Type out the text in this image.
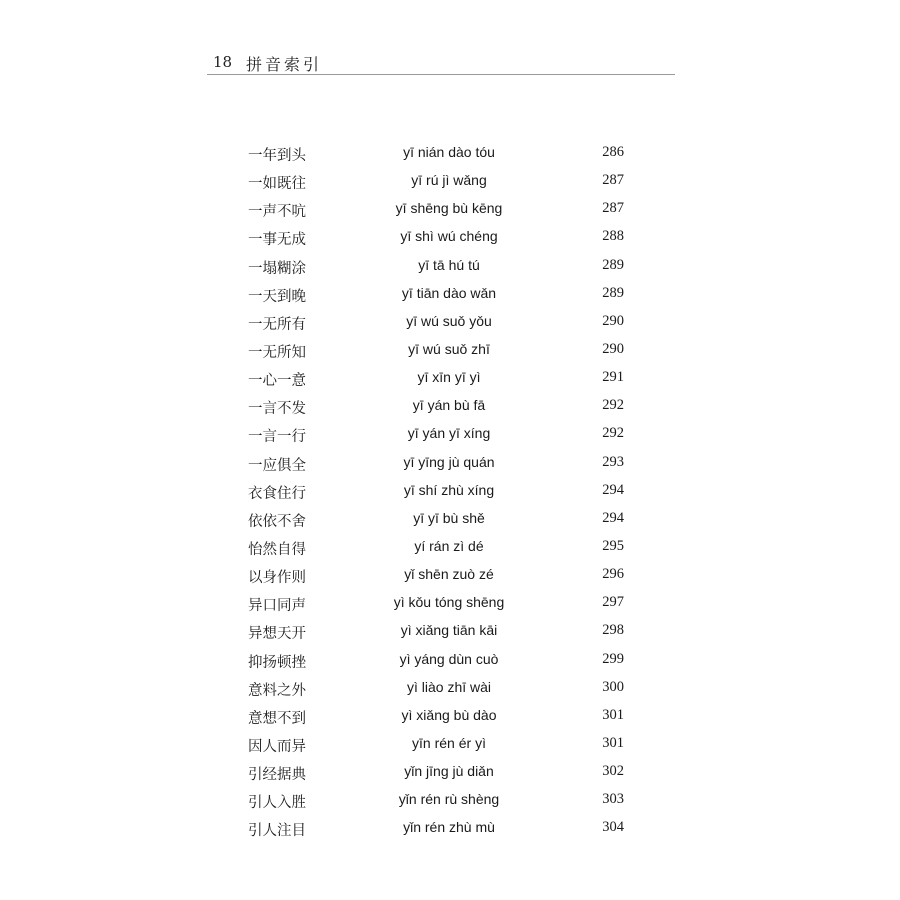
18 拼音索引
一年到头	yī nián dào tóu	286
一如既往	yī rú jì wǎng	287
一声不吭	yī shēng bù kēng	287
一事无成	yī shì wú chéng	288
一塌糊涂	yī tā hú tú	289
一天到晚	yī tiān dào wǎn	289
一无所有	yī wú suǒ yǒu	290
一无所知	yī wú suǒ zhī	290
一心一意	yī xīn yī yì	291
一言不发	yī yán bù fā	292
一言一行	yī yán yī xíng	292
一应俱全	yī yīng jù quán	293
衣食住行	yī shí zhù xíng	294
依依不舍	yī yī bù shě	294
怡然自得	yí rán zì dé	295
以身作则	yǐ shēn zuò zé	296
异口同声	yì kǒu tóng shēng	297
异想天开	yì xiǎng tiān kāi	298
抑扬顿挫	yì yáng dùn cuò	299
意料之外	yì liào zhī wài	300
意想不到	yì xiǎng bù dào	301
因人而异	yīn rén ér yì	301
引经据典	yǐn jīng jù diǎn	302
引人入胜	yǐn rén rù shèng	303
引人注目	yǐn rén zhù mù	304
